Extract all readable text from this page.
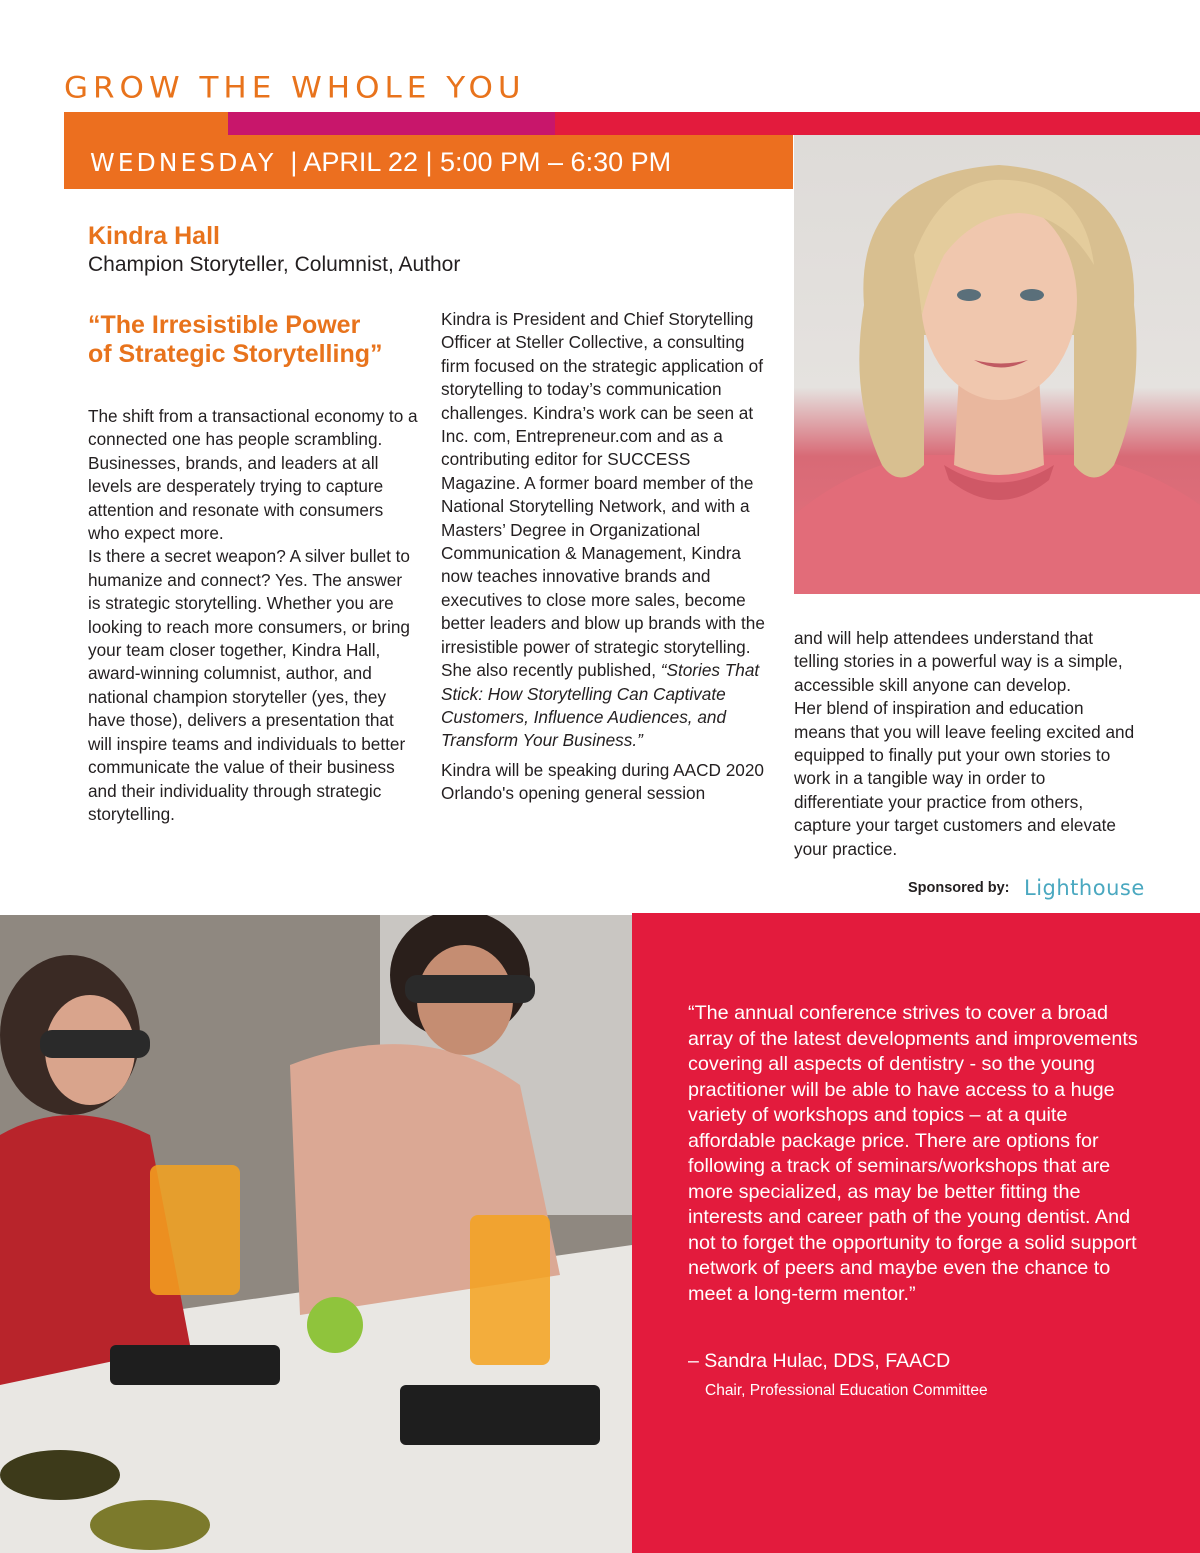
GROW THE WHOLE YOU
WEDNESDAY | APRIL 22 | 5:00 PM – 6:30 PM
Kindra Hall
Champion Storyteller, Columnist, Author
“The Irresistible Power of Strategic Storytelling”

The shift from a transactional economy to a connected one has people scrambling. Businesses, brands, and leaders at all levels are desperately trying to capture attention and resonate with consumers who expect more.

Is there a secret weapon? A silver bullet to humanize and connect? Yes. The answer is strategic storytelling. Whether you are looking to reach more consumers, or bring your team closer together, Kindra Hall, award-winning columnist, author, and national champion storyteller (yes, they have those), delivers a presentation that will inspire teams and individuals to better communicate the value of their business and their individuality through strategic storytelling.

Kindra is President and Chief Storytelling Officer at Steller Collective, a consulting firm focused on the strategic application of storytelling to today’s communication challenges. Kindra’s work can be seen at Inc. com, Entrepreneur.com and as a contributing editor for SUCCESS Magazine. A former board member of the National Storytelling Network, and with a Masters’ Degree in Organizational Communication & Management, Kindra now teaches innovative brands and executives to close more sales, become better leaders and blow up brands with the irresistible power of strategic storytelling. She also recently published, “Stories That Stick: How Storytelling Can Captivate Customers, Influence Audiences, and Transform Your Business.”

Kindra will be speaking during AACD 2020 Orlando's opening general session

and will help attendees understand that telling stories in a powerful way is a simple, accessible skill anyone can develop.

Her blend of inspiration and education means that you will leave feeling excited and equipped to finally put your own stories to work in a tangible way in order to differentiate your practice from others, capture your target customers and elevate your practice.

Sponsored by: Lighthouse
“The annual conference strives to cover a broad array of the latest developments and improvements covering all aspects of dentistry - so the young practitioner will be able to have access to a huge variety of workshops and topics – at a quite affordable package price. There are options for following a track of seminars/workshops that are more specialized, as may be better fitting the interests and career path of the young dentist. And not to forget the opportunity to forge a solid support network of peers and maybe even the chance to meet a long-term mentor.”
– Sandra Hulac, DDS, FAACD
Chair, Professional Education Committee
